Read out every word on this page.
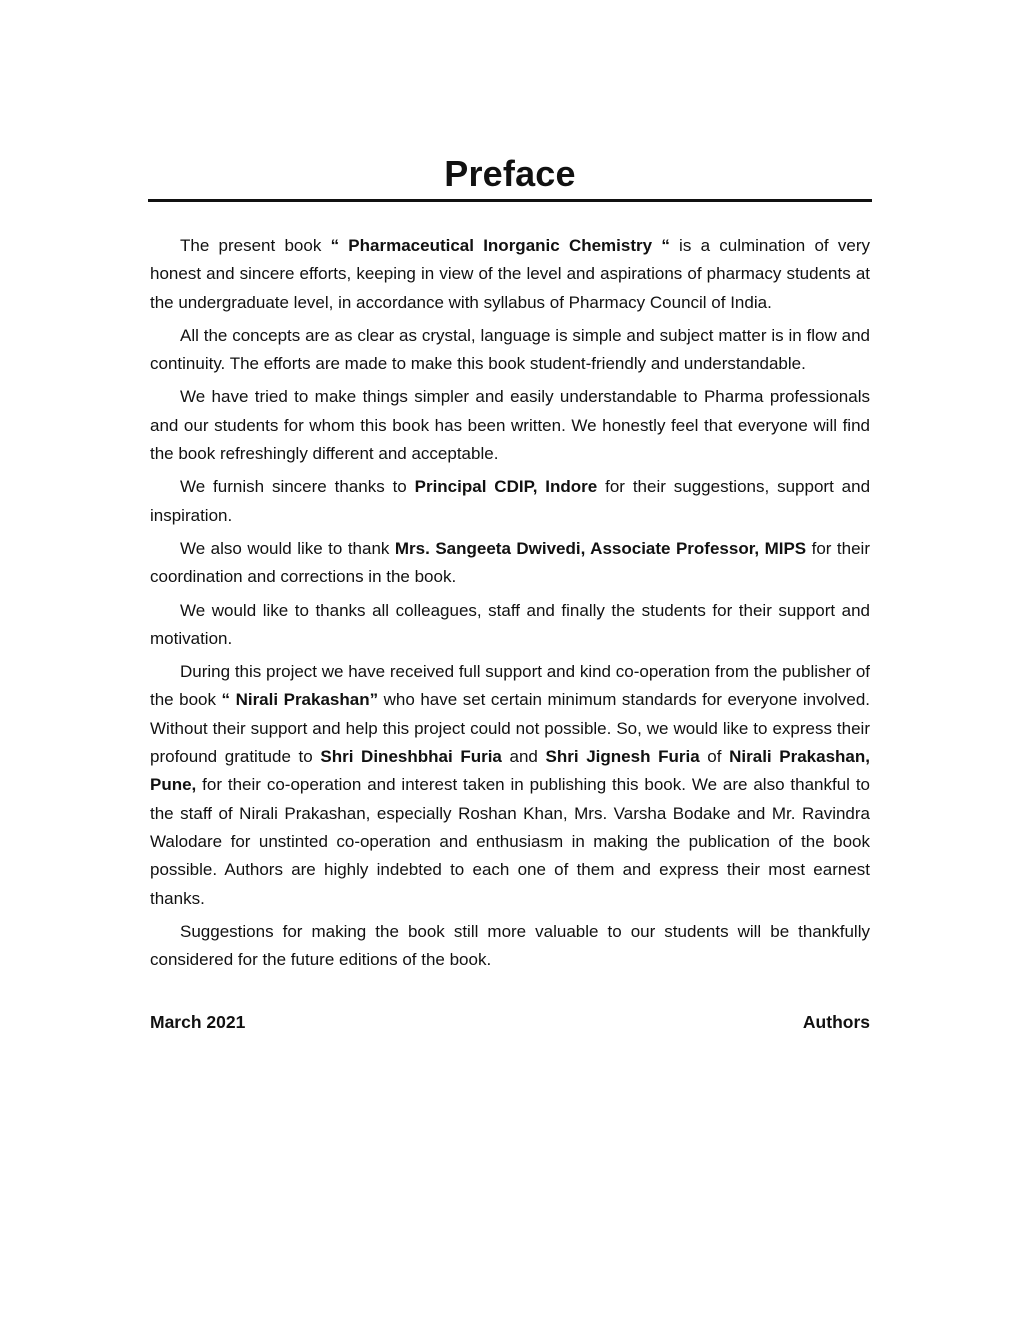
Preface

The present book “ Pharmaceutical Inorganic Chemistry “ is a culmination of very honest and sincere efforts, keeping in view of the level and aspirations of pharmacy students at the undergraduate level, in accordance with syllabus of Pharmacy Council of India.

All the concepts are as clear as crystal, language is simple and subject matter is in flow and continuity. The efforts are made to make this book student-friendly and understandable.

We have tried to make things simpler and easily understandable to Pharma professionals and our students for whom this book has been written. We honestly feel that everyone will find the book refreshingly different and acceptable.

We furnish sincere thanks to Principal CDIP, Indore for their suggestions, support and inspiration.

We also would like to thank Mrs. Sangeeta Dwivedi, Associate Professor, MIPS for their coordination and corrections in the book.

We would like to thanks all colleagues, staff and finally the students for their support and motivation.

During this project we have received full support and kind co-operation from the publisher of the book “ Nirali Prakashan” who have set certain minimum standards for everyone involved. Without their support and help this project could not possible. So, we would like to express their profound gratitude to Shri Dineshbhai Furia and Shri Jignesh Furia of Nirali Prakashan, Pune, for their co-operation and interest taken in publishing this book. We are also thankful to the staff of Nirali Prakashan, especially Roshan Khan, Mrs. Varsha Bodake and Mr. Ravindra Walodare for unstinted co-operation and enthusiasm in making the publication of the book possible. Authors are highly indebted to each one of them and express their most earnest thanks.

Suggestions for making the book still more valuable to our students will be thankfully considered for the future editions of the book.

March 2021	Authors
